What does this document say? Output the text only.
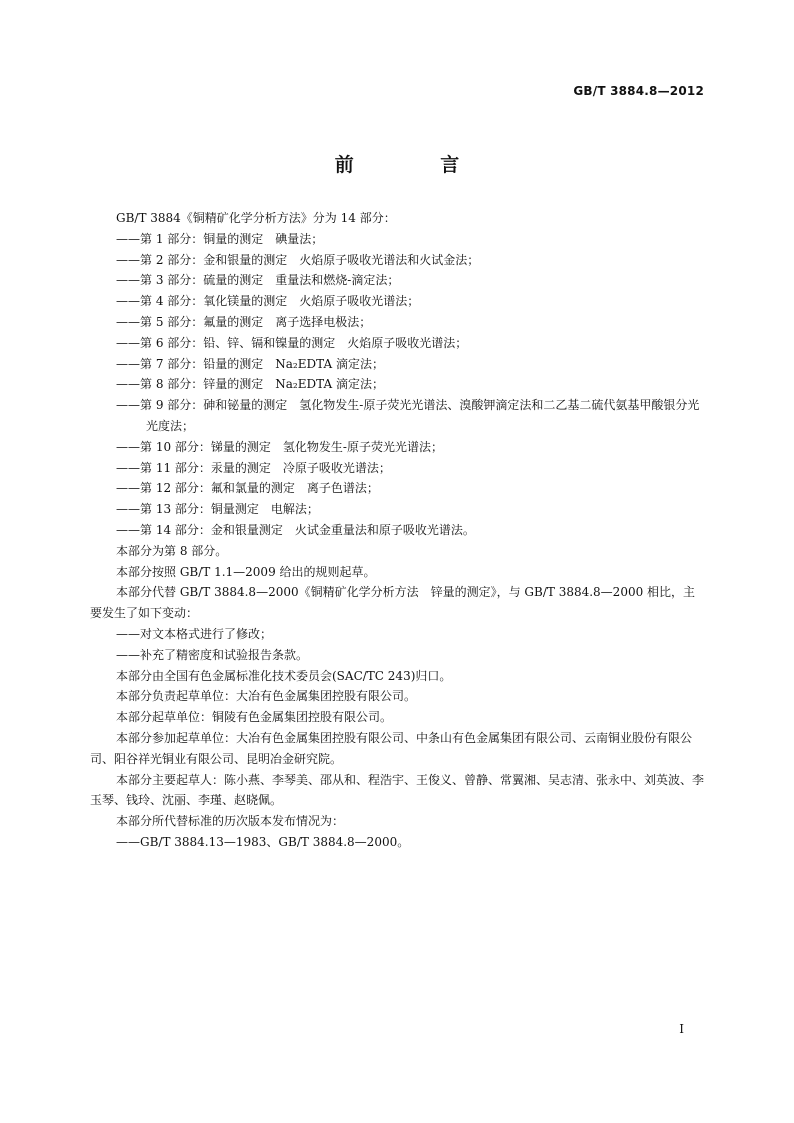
GB/T 3884.8—2012
前 言

GB/T 3884《铜精矿化学分析方法》分为 14 部分：

——第 1 部分：铜量的测定　碘量法；

——第 2 部分：金和银量的测定　火焰原子吸收光谱法和火试金法；

——第 3 部分：硫量的测定　重量法和燃烧-滴定法；

——第 4 部分：氧化镁量的测定　火焰原子吸收光谱法；

——第 5 部分：氟量的测定　离子选择电极法；

——第 6 部分：铅、锌、镉和镍量的测定　火焰原子吸收光谱法；

——第 7 部分：铅量的测定　Na₂EDTA 滴定法；

——第 8 部分：锌量的测定　Na₂EDTA 滴定法；

——第 9 部分：砷和铋量的测定　氢化物发生-原子荧光光谱法、溴酸钾滴定法和二乙基二硫代氨基甲酸银分光光度法；

——第 10 部分：锑量的测定　氢化物发生-原子荧光光谱法；

——第 11 部分：汞量的测定　冷原子吸收光谱法；

——第 12 部分：氟和氯量的测定　离子色谱法；

——第 13 部分：铜量测定　电解法；

——第 14 部分：金和银量测定　火试金重量法和原子吸收光谱法。

本部分为第 8 部分。

本部分按照 GB/T 1.1—2009 给出的规则起草。

本部分代替 GB/T 3884.8—2000《铜精矿化学分析方法　锌量的测定》，与 GB/T 3884.8—2000 相比，主要发生了如下变动：

——对文本格式进行了修改；

——补充了精密度和试验报告条款。

本部分由全国有色金属标准化技术委员会(SAC/TC 243)归口。

本部分负责起草单位：大冶有色金属集团控股有限公司。

本部分起草单位：铜陵有色金属集团控股有限公司。

本部分参加起草单位：大冶有色金属集团控股有限公司、中条山有色金属集团有限公司、云南铜业股份有限公司、阳谷祥光铜业有限公司、昆明冶金研究院。

本部分主要起草人：陈小燕、李琴美、邵从和、程浩宇、王俊义、曾静、常翼湘、吴志清、张永中、刘英波、李玉琴、钱玲、沈丽、李瑾、赵晓佩。

本部分所代替标准的历次版本发布情况为：

——GB/T 3884.13—1983、GB/T 3884.8—2000。

I
